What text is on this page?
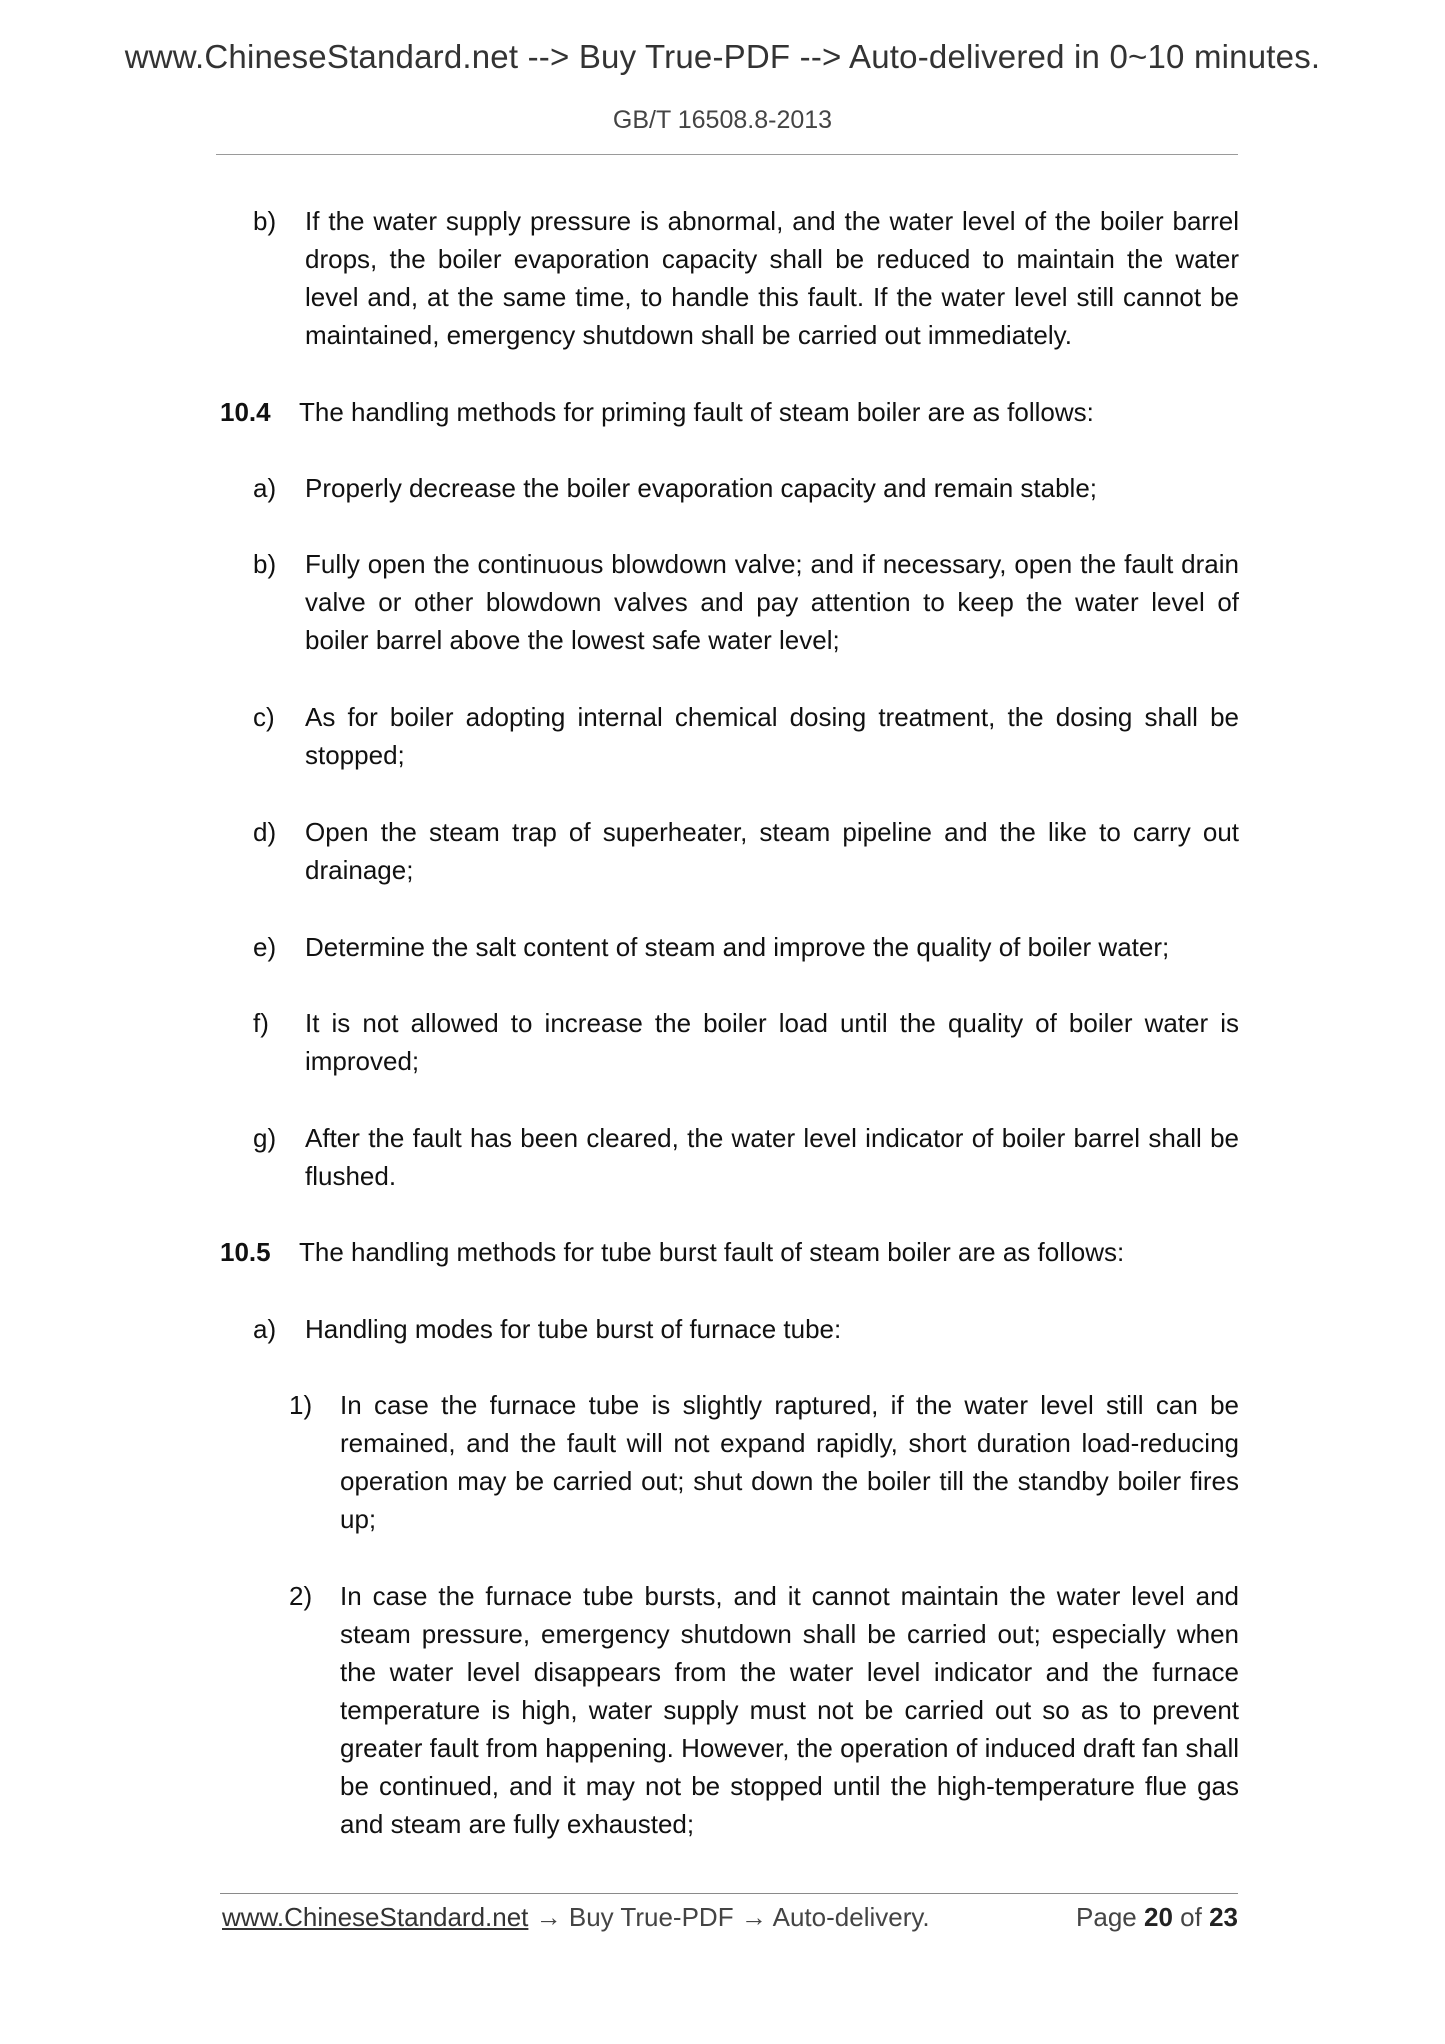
www.ChineseStandard.net --> Buy True-PDF --> Auto-delivered in 0~10 minutes.
GB/T 16508.8-2013
b) If the water supply pressure is abnormal, and the water level of the boiler barrel drops, the boiler evaporation capacity shall be reduced to maintain the water level and, at the same time, to handle this fault. If the water level still cannot be maintained, emergency shutdown shall be carried out immediately.
10.4 The handling methods for priming fault of steam boiler are as follows:
a) Properly decrease the boiler evaporation capacity and remain stable;
b) Fully open the continuous blowdown valve; and if necessary, open the fault drain valve or other blowdown valves and pay attention to keep the water level of boiler barrel above the lowest safe water level;
c) As for boiler adopting internal chemical dosing treatment, the dosing shall be stopped;
d) Open the steam trap of superheater, steam pipeline and the like to carry out drainage;
e) Determine the salt content of steam and improve the quality of boiler water;
f) It is not allowed to increase the boiler load until the quality of boiler water is improved;
g) After the fault has been cleared, the water level indicator of boiler barrel shall be flushed.
10.5 The handling methods for tube burst fault of steam boiler are as follows:
a) Handling modes for tube burst of furnace tube:
1) In case the furnace tube is slightly raptured, if the water level still can be remained, and the fault will not expand rapidly, short duration load-reducing operation may be carried out; shut down the boiler till the standby boiler fires up;
2) In case the furnace tube bursts, and it cannot maintain the water level and steam pressure, emergency shutdown shall be carried out; especially when the water level disappears from the water level indicator and the furnace temperature is high, water supply must not be carried out so as to prevent greater fault from happening. However, the operation of induced draft fan shall be continued, and it may not be stopped until the high-temperature flue gas and steam are fully exhausted;
www.ChineseStandard.net → Buy True-PDF → Auto-delivery.	Page 20 of 23
